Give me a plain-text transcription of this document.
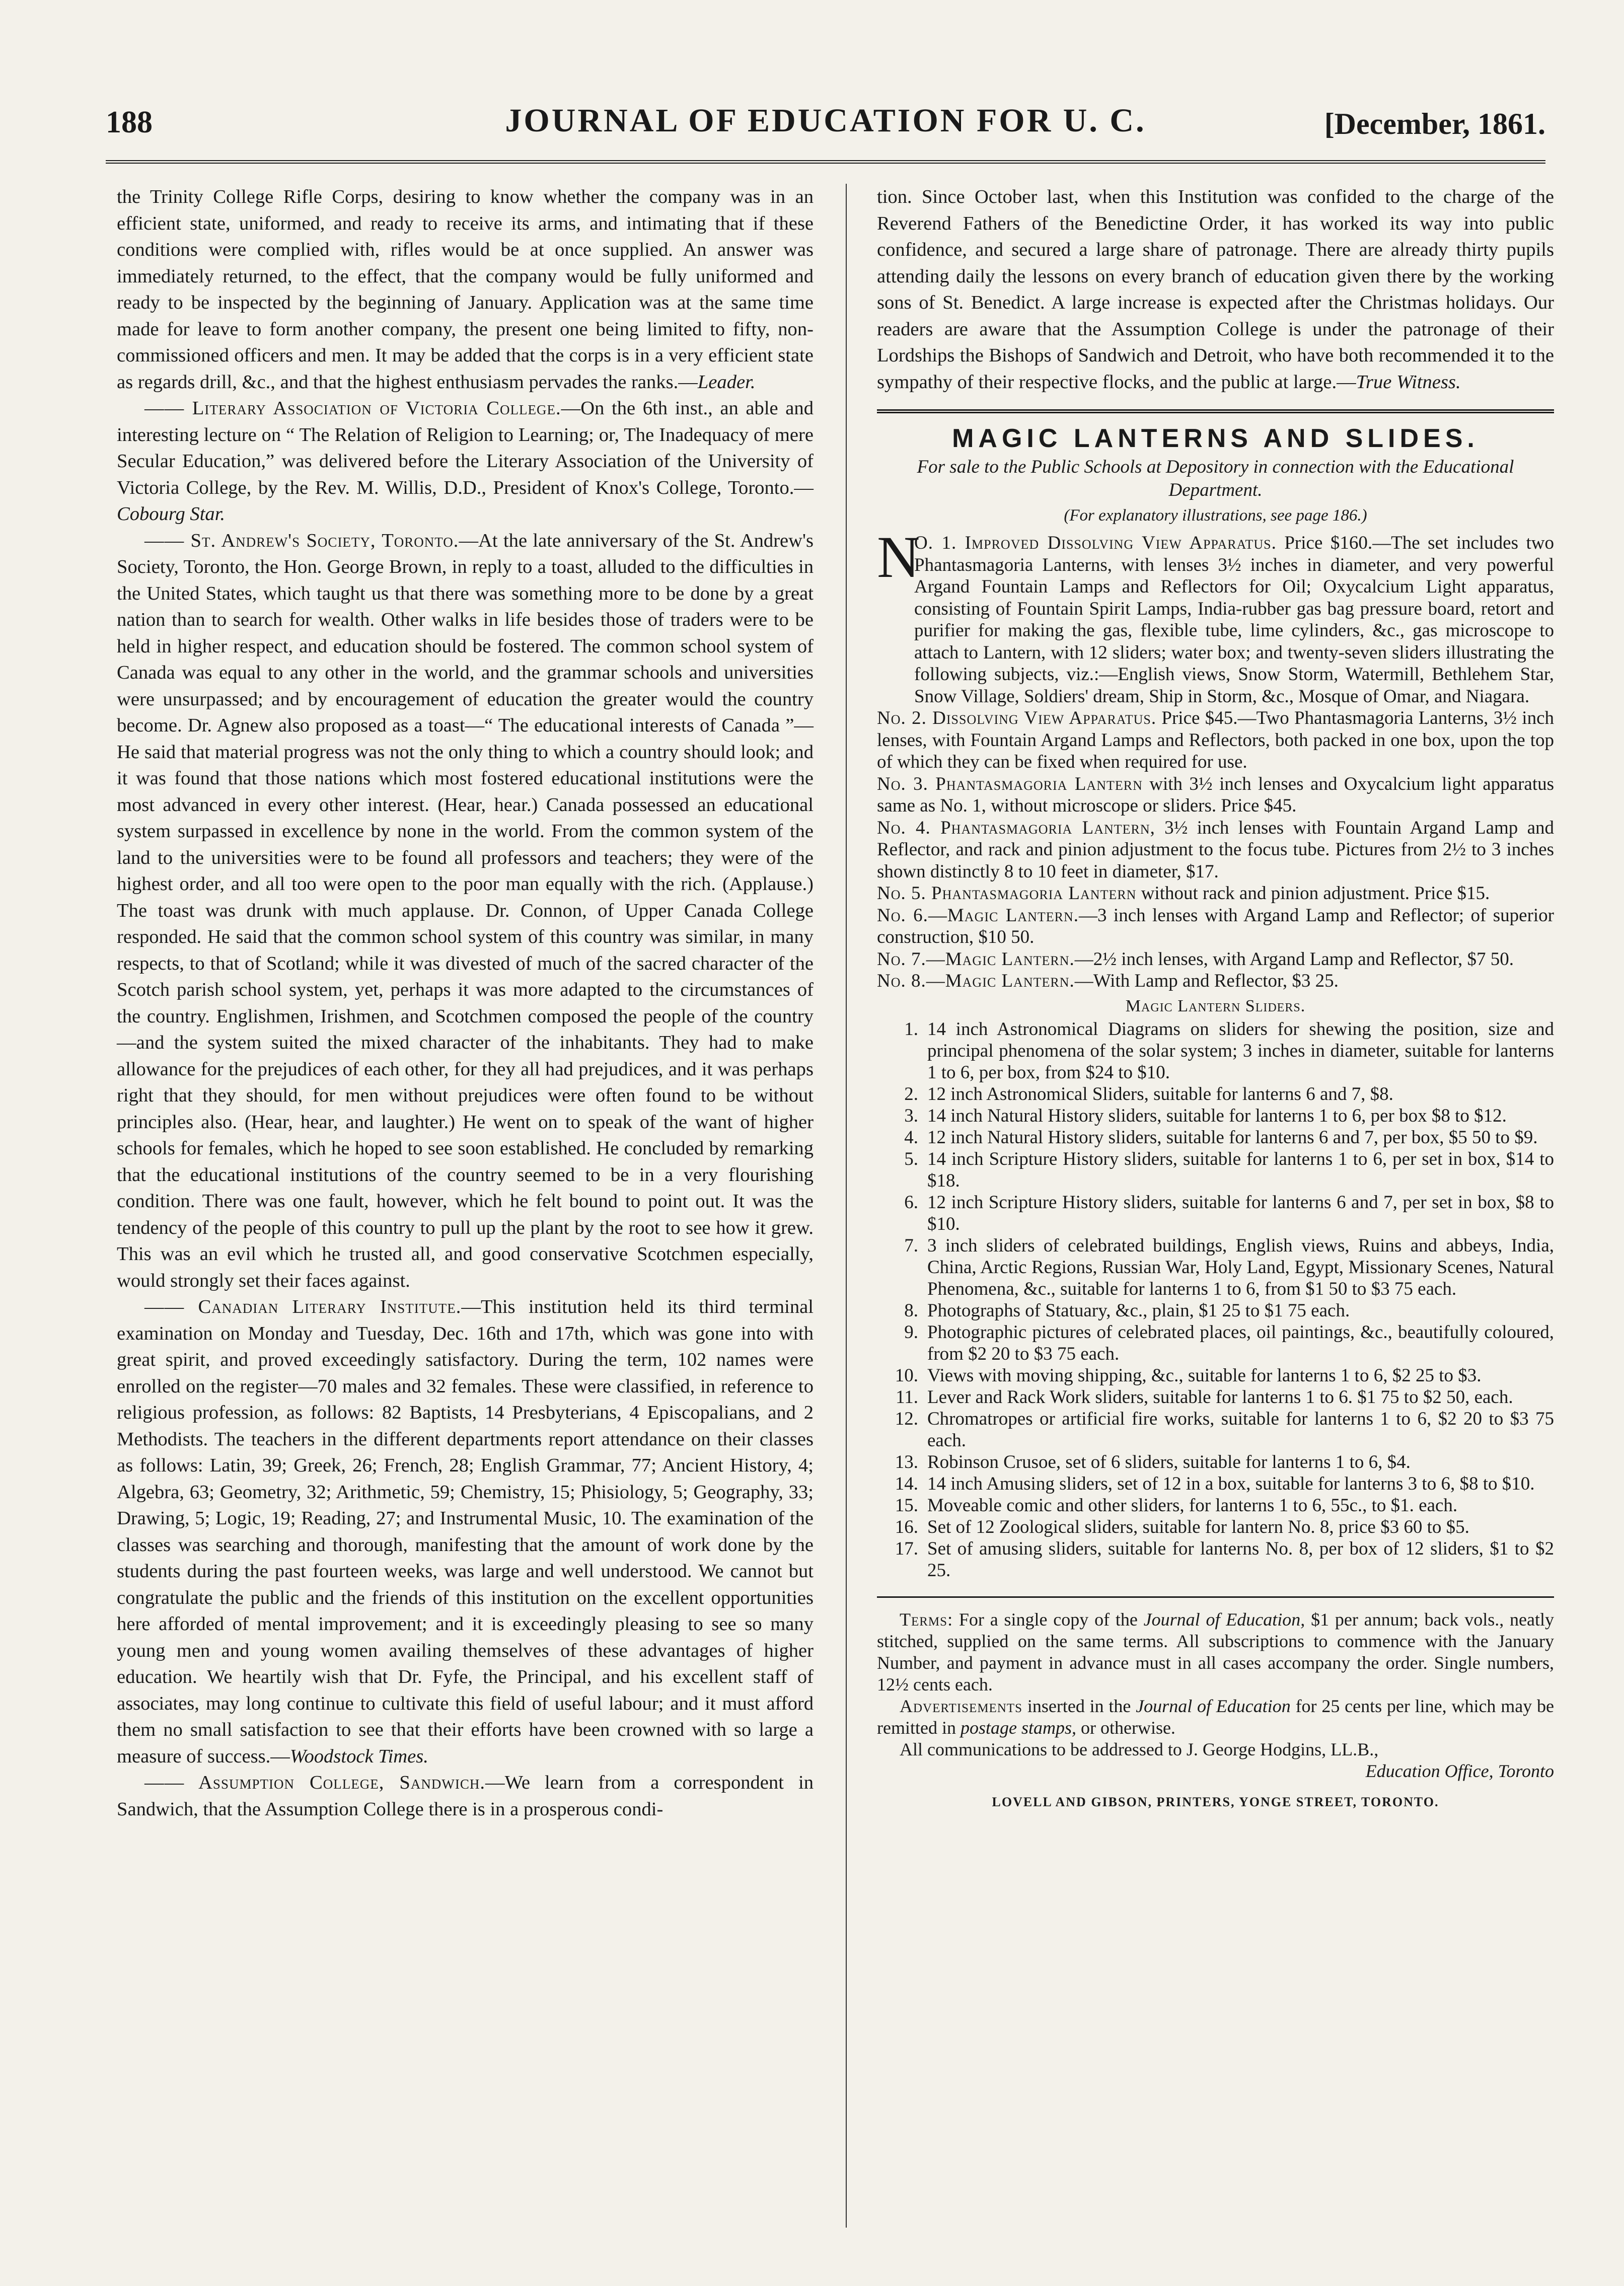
188	JOURNAL OF EDUCATION FOR U. C.	[December, 1861.

the Trinity College Rifle Corps, desiring to know whether the company was in an efficient state, uniformed, and ready to receive its arms, and intimating that if these conditions were complied with, rifles would be at once supplied. An answer was immediately returned, to the effect, that the company would be fully uniformed and ready to be inspected by the beginning of January. Application was at the same time made for leave to form another company, the present one being limited to fifty, non-commissioned officers and men. It may be added that the corps is in a very efficient state as regards drill, &c., and that the highest enthusiasm pervades the ranks.—Leader.

—— Literary Association of Victoria College.—On the 6th inst., an able and interesting lecture on “ The Relation of Religion to Learning; or, The Inadequacy of mere Secular Education,” was delivered before the Literary Association of the University of Victoria College, by the Rev. M. Willis, D.D., President of Knox's College, Toronto.—Cobourg Star.

—— St. Andrew's Society, Toronto.—At the late anniversary of the St. Andrew's Society, Toronto, the Hon. George Brown, in reply to a toast, alluded to the difficulties in the United States, which taught us that there was something more to be done by a great nation than to search for wealth. Other walks in life besides those of traders were to be held in higher respect, and education should be fostered. The common school system of Canada was equal to any other in the world, and the grammar schools and universities were unsurpassed; and by encouragement of education the greater would the country become. Dr. Agnew also proposed as a toast—“ The educational interests of Canada ”—He said that material progress was not the only thing to which a country should look; and it was found that those nations which most fostered educational institutions were the most advanced in every other interest. (Hear, hear.) Canada possessed an educational system surpassed in excellence by none in the world. From the common system of the land to the universities were to be found all professors and teachers; they were of the highest order, and all too were open to the poor man equally with the rich. (Applause.) The toast was drunk with much applause. Dr. Connon, of Upper Canada College responded. He said that the common school system of this country was similar, in many respects, to that of Scotland; while it was divested of much of the sacred character of the Scotch parish school system, yet, perhaps it was more adapted to the circumstances of the country. Englishmen, Irishmen, and Scotchmen composed the people of the country—and the system suited the mixed character of the inhabitants. They had to make allowance for the prejudices of each other, for they all had prejudices, and it was perhaps right that they should, for men without prejudices were often found to be without principles also. (Hear, hear, and laughter.) He went on to speak of the want of higher schools for females, which he hoped to see soon established. He concluded by remarking that the educational institutions of the country seemed to be in a very flourishing condition. There was one fault, however, which he felt bound to point out. It was the tendency of the people of this country to pull up the plant by the root to see how it grew. This was an evil which he trusted all, and good conservative Scotchmen especially, would strongly set their faces against.

—— Canadian Literary Institute.—This institution held its third terminal examination on Monday and Tuesday, Dec. 16th and 17th, which was gone into with great spirit, and proved exceedingly satisfactory. During the term, 102 names were enrolled on the register—70 males and 32 females. These were classified, in reference to religious profession, as follows: 82 Baptists, 14 Presbyterians, 4 Episcopalians, and 2 Methodists. The teachers in the different departments report attendance on their classes as follows: Latin, 39; Greek, 26; French, 28; English Grammar, 77; Ancient History, 4; Algebra, 63; Geometry, 32; Arithmetic, 59; Chemistry, 15; Phisiology, 5; Geography, 33; Drawing, 5; Logic, 19; Reading, 27; and Instrumental Music, 10. The examination of the classes was searching and thorough, manifesting that the amount of work done by the students during the past fourteen weeks, was large and well understood. We cannot but congratulate the public and the friends of this institution on the excellent opportunities here afforded of mental improvement; and it is exceedingly pleasing to see so many young men and young women availing themselves of these advantages of higher education. We heartily wish that Dr. Fyfe, the Principal, and his excellent staff of associates, may long continue to cultivate this field of useful labour; and it must afford them no small satisfaction to see that their efforts have been crowned with so large a measure of success.—Woodstock Times.

—— Assumption College, Sandwich.—We learn from a correspondent in Sandwich, that the Assumption College there is in a prosperous condi-

tion. Since October last, when this Institution was confided to the charge of the Reverend Fathers of the Benedictine Order, it has worked its way into public confidence, and secured a large share of patronage. There are already thirty pupils attending daily the lessons on every branch of education given there by the working sons of St. Benedict. A large increase is expected after the Christmas holidays. Our readers are aware that the Assumption College is under the patronage of their Lordships the Bishops of Sandwich and Detroit, who have both recommended it to the sympathy of their respective flocks, and the public at large.—True Witness.

MAGIC LANTERNS AND SLIDES.

For sale to the Public Schools at Depository in connection with the Educational Department.

(For explanatory illustrations, see page 186.)

N
O. 1. Improved Dissolving View Apparatus. Price $160.—The set includes two Phantasmagoria Lanterns, with lenses 3½ inches in diameter, and very powerful Argand Fountain Lamps and Reflectors for Oil; Oxycalcium Light apparatus, consisting of Fountain Spirit Lamps, India-rubber gas bag pressure board, retort and purifier for making the gas, flexible tube, lime cylinders, &c., gas microscope to attach to Lantern, with 12 sliders; water box; and twenty-seven sliders illustrating the following subjects, viz.:—English views, Snow Storm, Watermill, Bethlehem Star, Snow Village, Soldiers' dream, Ship in Storm, &c., Mosque of Omar, and Niagara.

No. 2. Dissolving View Apparatus. Price $45.—Two Phantasmagoria Lanterns, 3½ inch lenses, with Fountain Argand Lamps and Reflectors, both packed in one box, upon the top of which they can be fixed when required for use.

No. 3. Phantasmagoria Lantern with 3½ inch lenses and Oxycalcium light apparatus same as No. 1, without microscope or sliders. Price $45.

No. 4. Phantasmagoria Lantern, 3½ inch lenses with Fountain Argand Lamp and Reflector, and rack and pinion adjustment to the focus tube. Pictures from 2½ to 3 inches shown distinctly 8 to 10 feet in diameter, $17.

No. 5. Phantasmagoria Lantern without rack and pinion adjustment. Price $15.

No. 6.—Magic Lantern.—3 inch lenses with Argand Lamp and Reflector; of superior construction, $10 50.

No. 7.—Magic Lantern.—2½ inch lenses, with Argand Lamp and Reflector, $7 50.

No. 8.—Magic Lantern.—With Lamp and Reflector, $3 25.

Magic Lantern Sliders.

1. 14 inch Astronomical Diagrams on sliders for shewing the position, size and principal phenomena of the solar system; 3 inches in diameter, suitable for lanterns 1 to 6, per box, from $24 to $10.
2. 12 inch Astronomical Sliders, suitable for lanterns 6 and 7, $8.
3. 14 inch Natural History sliders, suitable for lanterns 1 to 6, per box $8 to $12.
4. 12 inch Natural History sliders, suitable for lanterns 6 and 7, per box, $5 50 to $9.
5. 14 inch Scripture History sliders, suitable for lanterns 1 to 6, per set in box, $14 to $18.
6. 12 inch Scripture History sliders, suitable for lanterns 6 and 7, per set in box, $8 to $10.
7. 3 inch sliders of celebrated buildings, English views, Ruins and abbeys, India, China, Arctic Regions, Russian War, Holy Land, Egypt, Missionary Scenes, Natural Phenomena, &c., suitable for lanterns 1 to 6, from $1 50 to $3 75 each.
8. Photographs of Statuary, &c., plain, $1 25 to $1 75 each.
9. Photographic pictures of celebrated places, oil paintings, &c., beautifully coloured, from $2 20 to $3 75 each.
10. Views with moving shipping, &c., suitable for lanterns 1 to 6, $2 25 to $3.
11. Lever and Rack Work sliders, suitable for lanterns 1 to 6. $1 75 to $2 50, each.
12. Chromatropes or artificial fire works, suitable for lanterns 1 to 6, $2 20 to $3 75 each.
13. Robinson Crusoe, set of 6 sliders, suitable for lanterns 1 to 6, $4.
14. 14 inch Amusing sliders, set of 12 in a box, suitable for lanterns 3 to 6, $8 to $10.
15. Moveable comic and other sliders, for lanterns 1 to 6, 55c., to $1. each.
16. Set of 12 Zoological sliders, suitable for lantern No. 8, price $3 60 to $5.
17. Set of amusing sliders, suitable for lanterns No. 8, per box of 12 sliders, $1 to $2 25.

Terms: For a single copy of the Journal of Education, $1 per annum; back vols., neatly stitched, supplied on the same terms. All subscriptions to commence with the January Number, and payment in advance must in all cases accompany the order. Single numbers, 12½ cents each.

Advertisements inserted in the Journal of Education for 25 cents per line, which may be remitted in postage stamps, or otherwise.

All communications to be addressed to J. George Hodgins, LL.B.,

Education Office, Toronto

LOVELL AND GIBSON, PRINTERS, YONGE STREET, TORONTO.
